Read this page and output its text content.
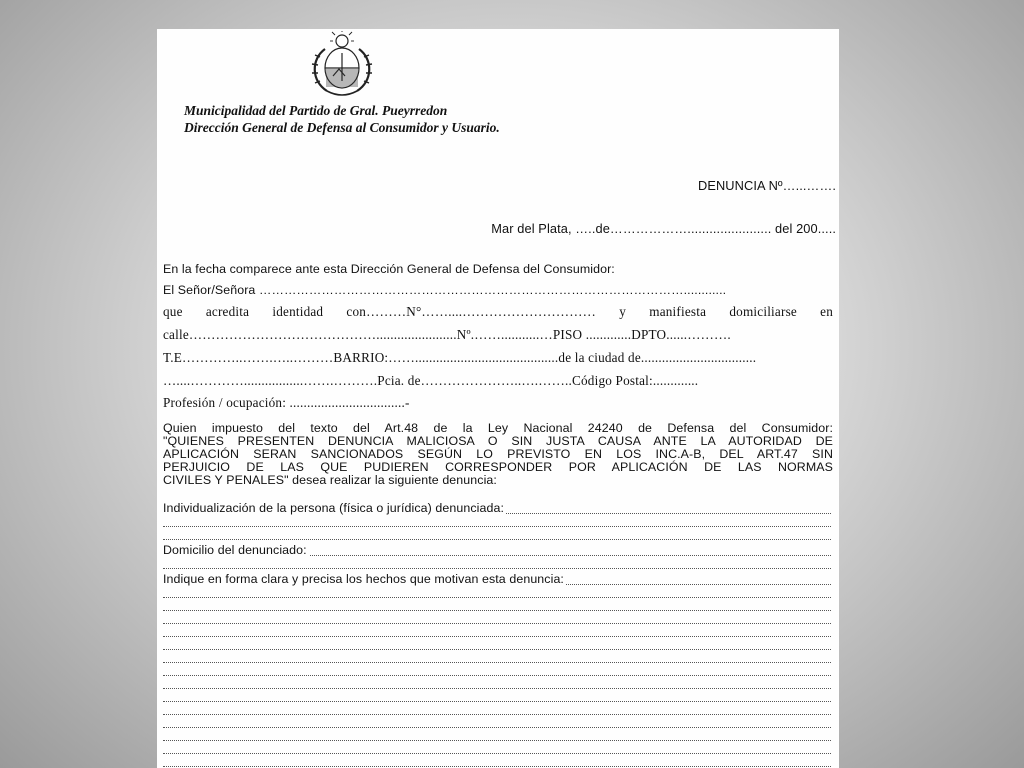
Municipalidad del Partido de Gral. Pueyrredon
Dirección General de Defensa al Consumidor y Usuario.
DENUNCIA Nº…...…….
Mar del Plata, …..de………………....................... del 200.....
En la fecha comparece ante esta Dirección General de Defensa del Consumidor:
El Señor/Señora …………………………………………………………………………………………............
que acredita identidad con………N°……....………………………… y manifiesta domiciliarse en
calle…………………………………….......................Nº.……...........…PISO .............DPTO......……….
T.E…………..…….…..………BARRIO:…….........................................de la ciudad de.................................
…....………….................…….……….Pcia. de…………………..….……..Código Postal:.............
Profesión / ocupación: .................................-
Quien impuesto del texto del Art.48 de la Ley Nacional 24240 de Defensa del Consumidor:
"QUIENES PRESENTEN DENUNCIA MALICIOSA O SIN JUSTA CAUSA ANTE LA AUTORIDAD DE
APLICACIÓN SERAN SANCIONADOS SEGÚN LO PREVISTO EN LOS INC.A-B, DEL ART.47 SIN
PERJUICIO DE LAS QUE PUDIEREN CORRESPONDER POR APLICACIÓN DE LAS NORMAS
CIVILES Y PENALES" desea realizar la siguiente denuncia:
Individualización de la persona (física o jurídica) denunciada:
Domicilio del denunciado:
Indique en forma clara y precisa los hechos que motivan esta denuncia:
